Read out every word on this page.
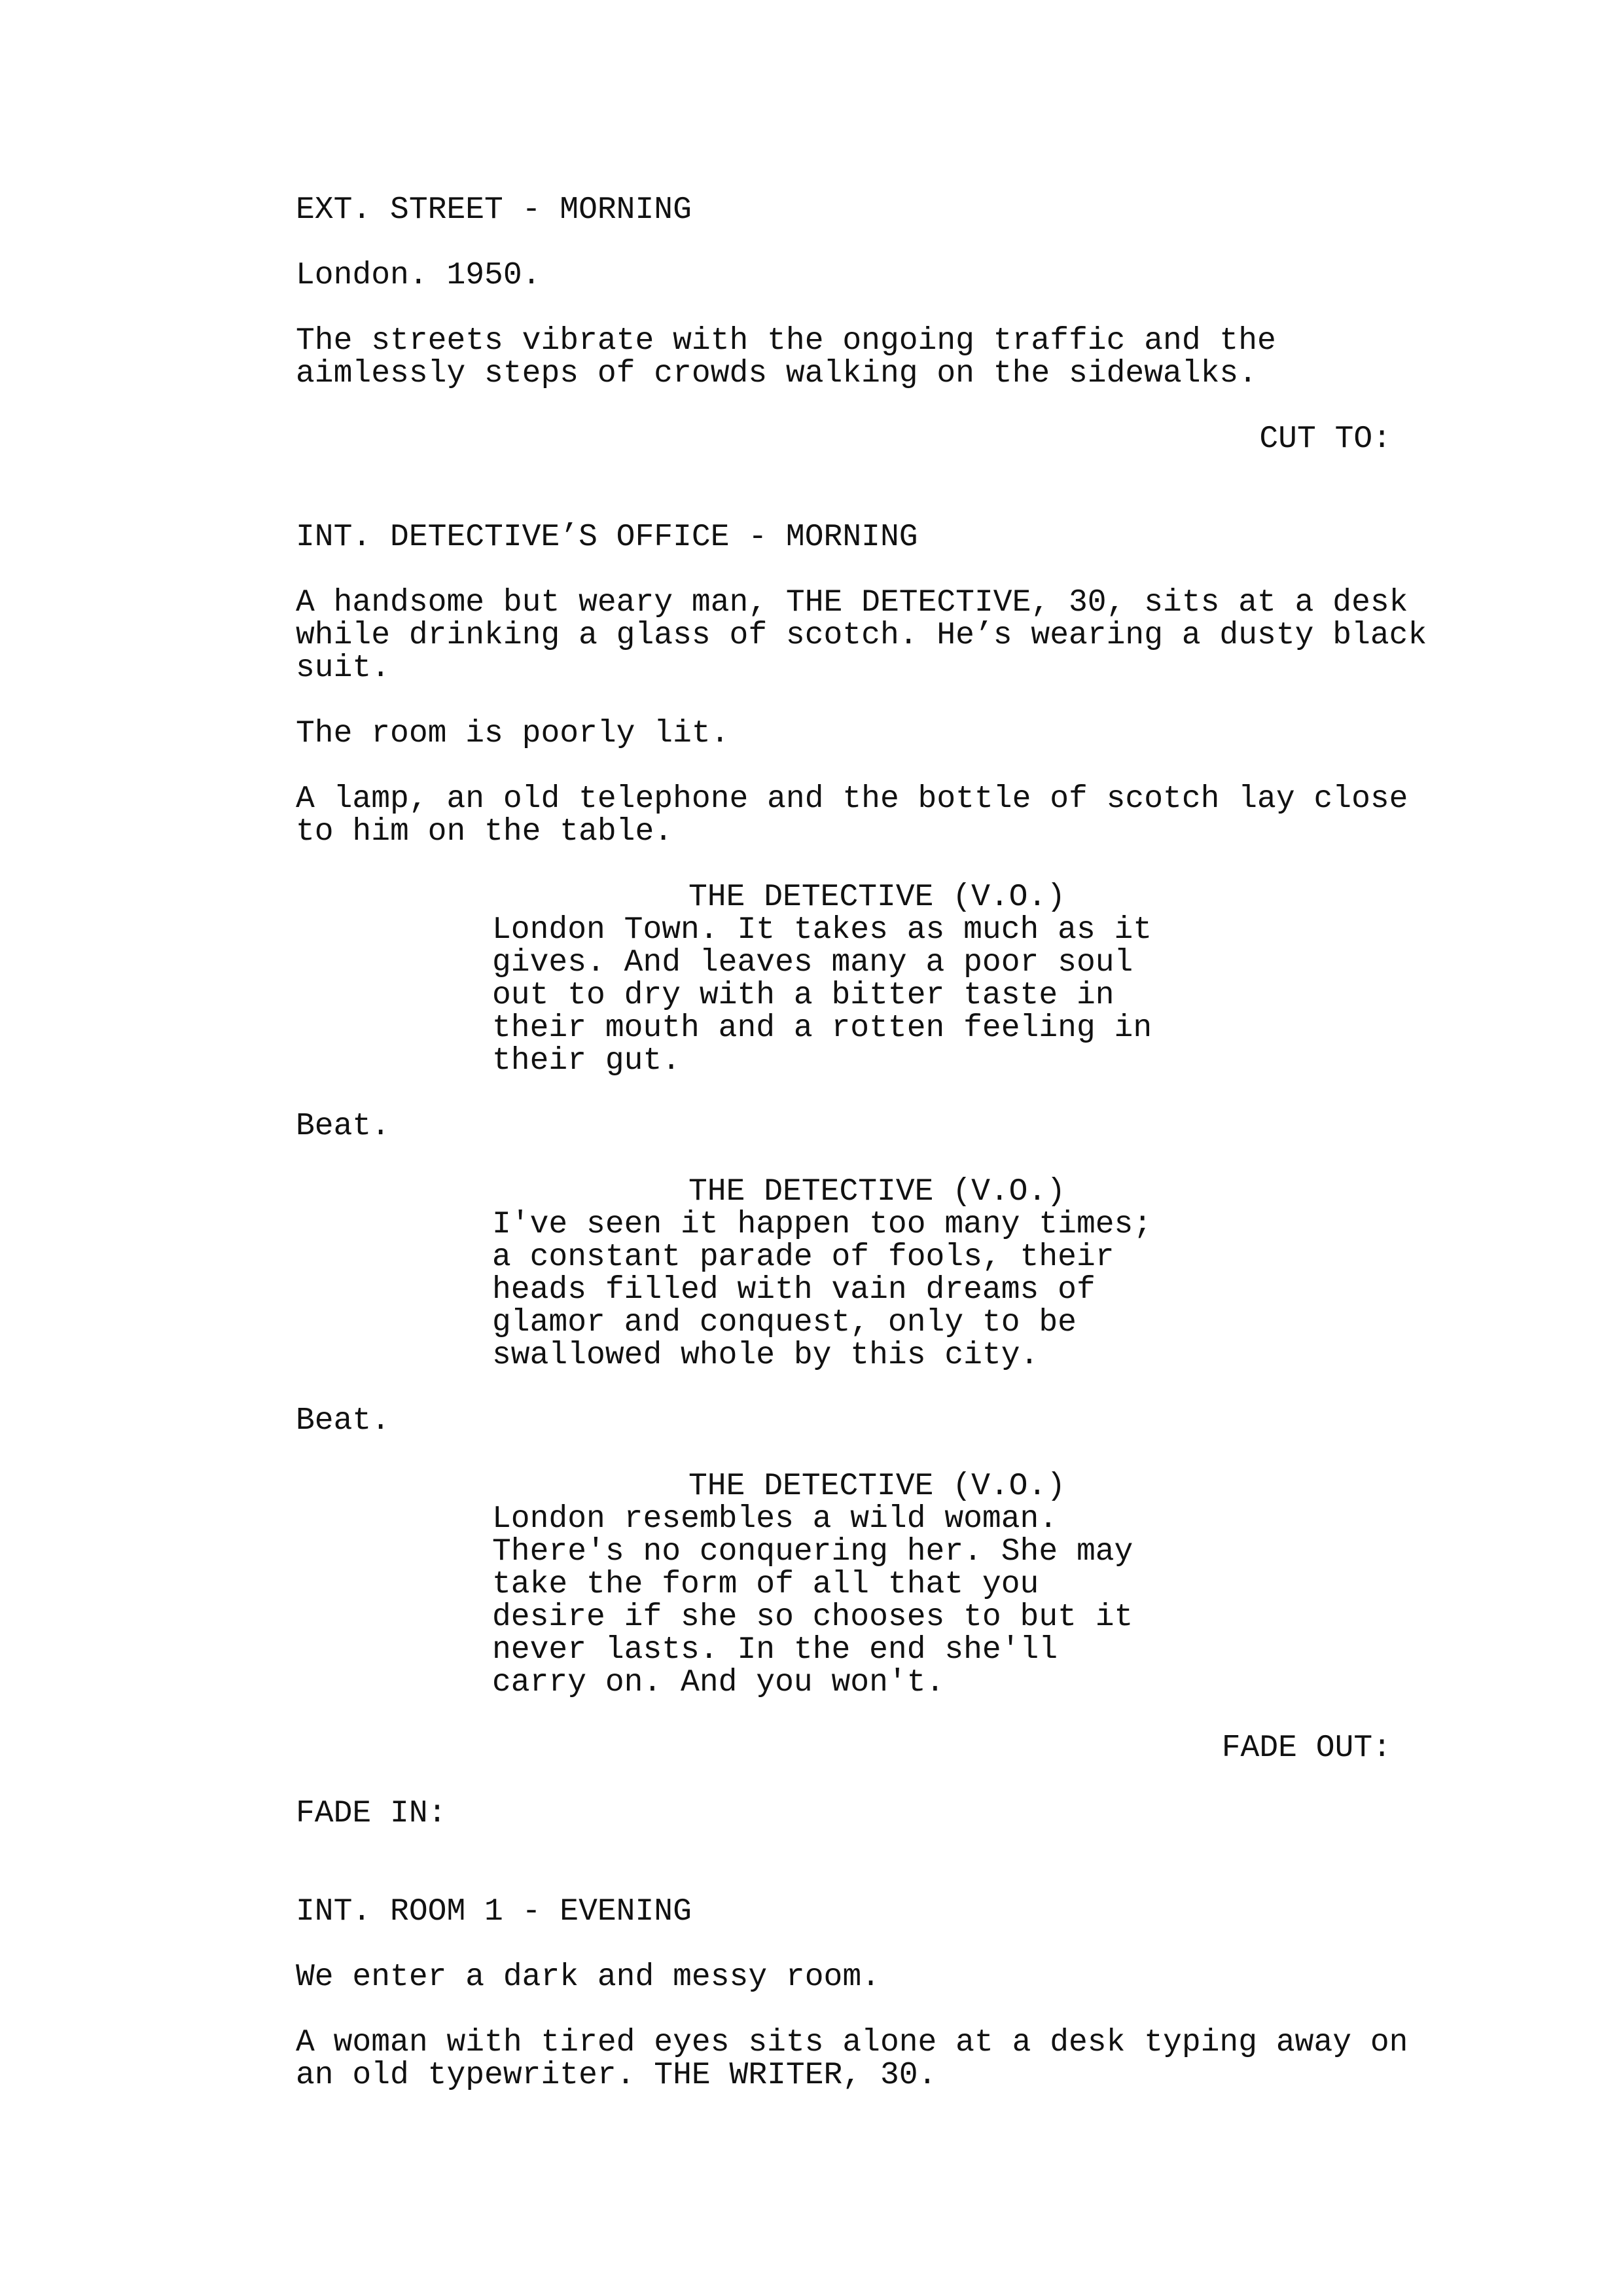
EXT. STREET - MORNING
London. 1950.
The streets vibrate with the ongoing traffic and the
aimlessly steps of crowds walking on the sidewalks.
CUT TO:
INT. DETECTIVE’S OFFICE - MORNING
A handsome but weary man, THE DETECTIVE, 30, sits at a desk
while drinking a glass of scotch. He’s wearing a dusty black
suit.
The room is poorly lit.
A lamp, an old telephone and the bottle of scotch lay close
to him on the table.
THE DETECTIVE (V.O.)
London Town. It takes as much as it
gives. And leaves many a poor soul
out to dry with a bitter taste in
their mouth and a rotten feeling in
their gut.
Beat.
THE DETECTIVE (V.O.)
I've seen it happen too many times;
a constant parade of fools, their
heads filled with vain dreams of
glamor and conquest, only to be
swallowed whole by this city.
Beat.
THE DETECTIVE (V.O.)
London resembles a wild woman.
There's no conquering her. She may
take the form of all that you
desire if she so chooses to but it
never lasts. In the end she'll
carry on. And you won't.
FADE OUT:
FADE IN:
INT. ROOM 1 - EVENING
We enter a dark and messy room.
A woman with tired eyes sits alone at a desk typing away on
an old typewriter. THE WRITER, 30.
